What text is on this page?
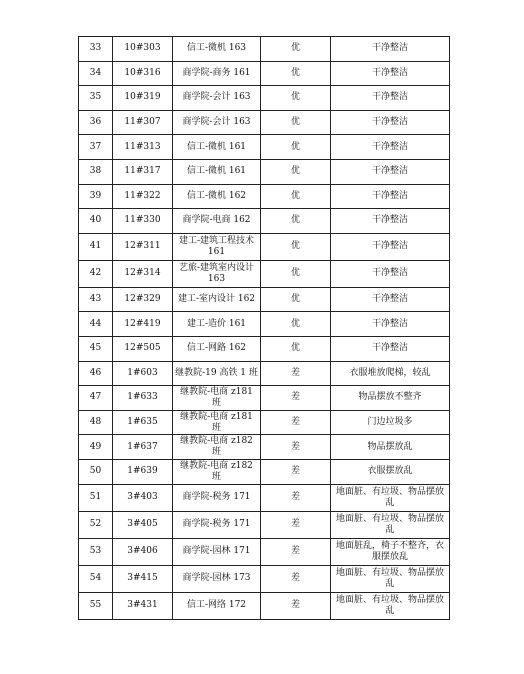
33	10#303	信工-微机 163	优	干净整洁
34	10#316	商学院-商务 161	优	干净整洁
35	10#319	商学院-会计 163	优	干净整洁
36	11#307	商学院-会计 163	优	干净整洁
37	11#313	信工-微机 161	优	干净整洁
38	11#317	信工-微机 161	优	干净整洁
39	11#322	信工-微机 162	优	干净整洁
40	11#330	商学院-电商 162	优	干净整洁
41	12#311	建工-建筑工程技术 161	优	干净整洁
42	12#314	艺旅-建筑室内设计 163	优	干净整洁
43	12#329	建工-室内设计 162	优	干净整洁
44	12#419	建工-造价 161	优	干净整洁
45	12#505	信工-网路 162	优	干净整洁
46	1#603	继教院-19 高铁 1 班	差	衣服堆放爬梯，较乱
47	1#633	继教院-电商 z181 班	差	物品摆放不整齐
48	1#635	继教院-电商 z181 班	差	门边垃圾多
49	1#637	继教院-电商 z182 班	差	物品摆放乱
50	1#639	继教院-电商 z182 班	差	衣服摆放乱
51	3#403	商学院-税务 171	差	地面脏、有垃圾、物品摆放乱
52	3#405	商学院-税务 171	差	地面脏、有垃圾、物品摆放乱
53	3#406	商学院-园林 171	差	地面脏乱，椅子不整齐，衣服摆放乱
54	3#415	商学院-园林 173	差	地面脏、有垃圾、物品摆放乱
55	3#431	信工-网络 172	差	地面脏、有垃圾、物品摆放乱
